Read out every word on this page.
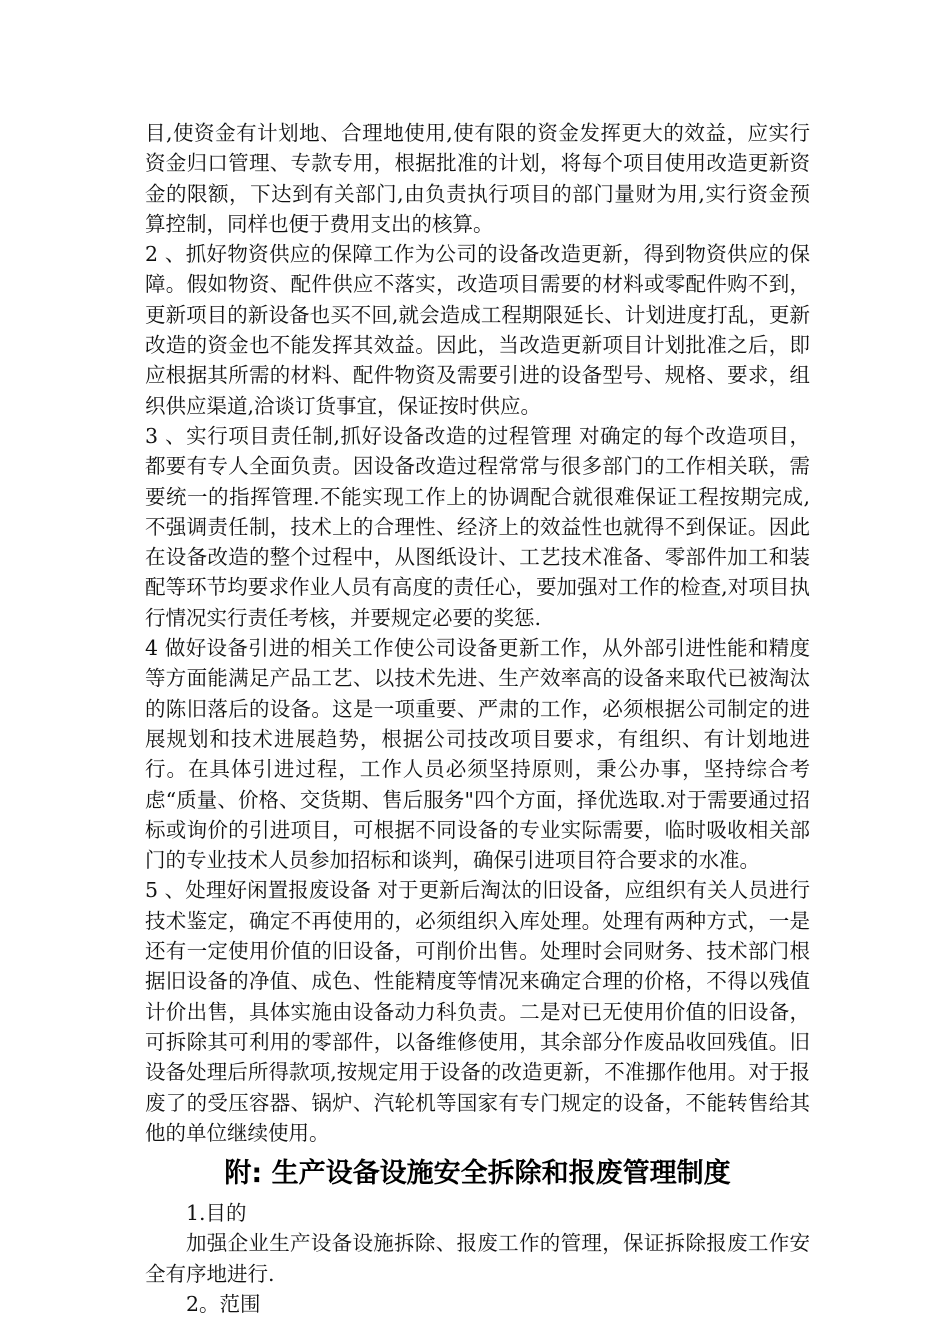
目,使资金有计划地、合理地使用,使有限的资金发挥更大的效益，应实行资金归口管理、专款专用，根据批准的计划，将每个项目使用改造更新资金的限额，下达到有关部门,由负责执行项目的部门量财为用,实行资金预算控制，同样也便于费用支出的核算。

2 、抓好物资供应的保障工作为公司的设备改造更新，得到物资供应的保障。假如物资、配件供应不落实，改造项目需要的材料或零配件购不到，更新项目的新设备也买不回,就会造成工程期限延长、计划进度打乱，更新改造的资金也不能发挥其效益。因此，当改造更新项目计划批准之后，即应根据其所需的材料、配件物资及需要引进的设备型号、规格、要求，组织供应渠道,洽谈订货事宜，保证按时供应。

3 、实行项目责任制,抓好设备改造的过程管理 对确定的每个改造项目，都要有专人全面负责。因设备改造过程常常与很多部门的工作相关联，需要统一的指挥管理.不能实现工作上的协调配合就很难保证工程按期完成,不强调责任制，技术上的合理性、经济上的效益性也就得不到保证。因此在设备改造的整个过程中，从图纸设计、工艺技术准备、零部件加工和装配等环节均要求作业人员有高度的责任心，要加强对工作的检查,对项目执行情况实行责任考核，并要规定必要的奖惩.

4 做好设备引进的相关工作使公司设备更新工作，从外部引进性能和精度等方面能满足产品工艺、以技术先进、生产效率高的设备来取代已被淘汰的陈旧落后的设备。这是一项重要、严肃的工作，必须根据公司制定的进展规划和技术进展趋势，根据公司技改项目要求，有组织、有计划地进行。在具体引进过程，工作人员必须坚持原则，秉公办事，坚持综合考虑“质量、价格、交货期、售后服务"四个方面，择优选取.对于需要通过招标或询价的引进项目，可根据不同设备的专业实际需要，临时吸收相关部门的专业技术人员参加招标和谈判，确保引进项目符合要求的水准。

5 、处理好闲置报废设备 对于更新后淘汰的旧设备，应组织有关人员进行技术鉴定，确定不再使用的，必须组织入库处理。处理有两种方式，一是还有一定使用价值的旧设备，可削价出售。处理时会同财务、技术部门根据旧设备的净值、成色、性能精度等情况来确定合理的价格，不得以残值计价出售，具体实施由设备动力科负责。二是对已无使用价值的旧设备，可拆除其可利用的零部件，以备维修使用，其余部分作废品收回残值。旧设备处理后所得款项,按规定用于设备的改造更新，不准挪作他用。对于报废了的受压容器、锅炉、汽轮机等国家有专门规定的设备，不能转售给其他的单位继续使用。

附: 生产设备设施安全拆除和报废管理制度

1.目的

加强企业生产设备设施拆除、报废工作的管理，保证拆除报废工作安全有序地进行.

2。范围
